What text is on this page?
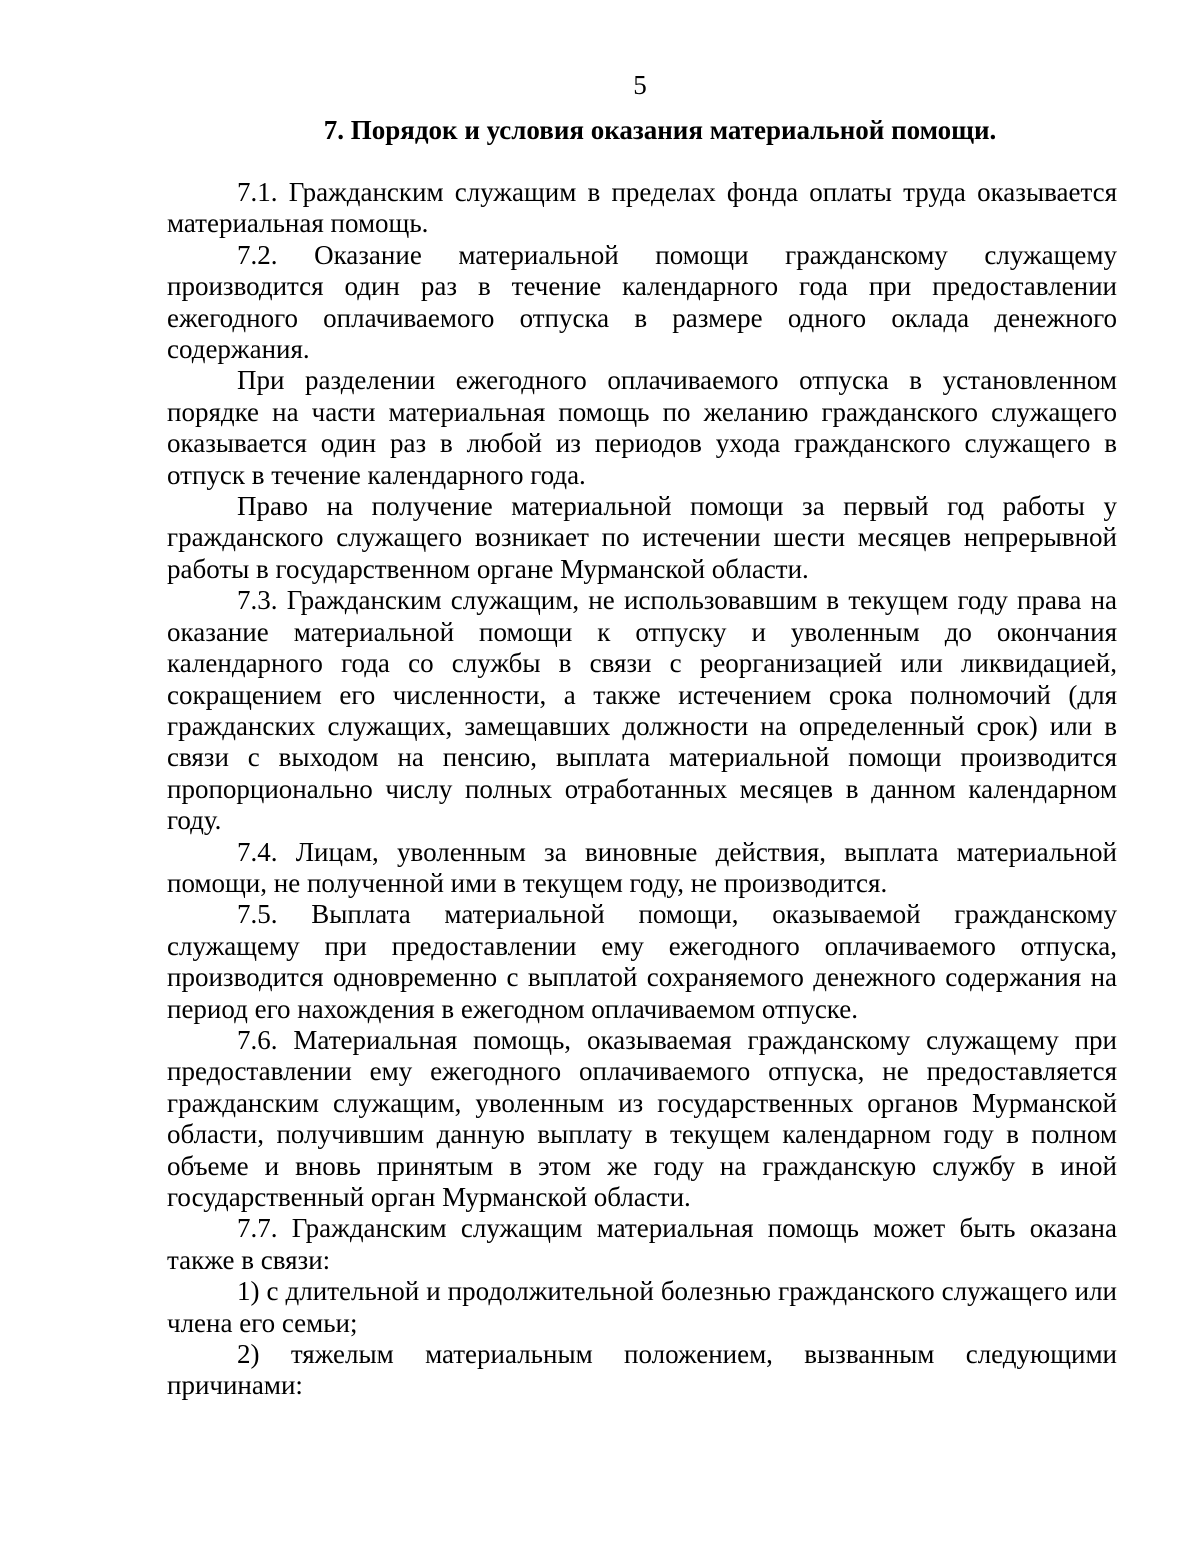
5
7. Порядок и условия оказания материальной помощи.

7.1. Гражданским служащим в пределах фонда оплаты труда оказывается материальная помощь.

7.2. Оказание материальной помощи гражданскому служащему производится один раз в течение календарного года при предоставлении ежегодного оплачиваемого отпуска в размере одного оклада денежного содержания.

При разделении ежегодного оплачиваемого отпуска в установленном порядке на части материальная помощь по желанию гражданского служащего оказывается один раз в любой из периодов ухода гражданского служащего в отпуск в течение календарного года.

Право на получение материальной помощи за первый год работы у гражданского служащего возникает по истечении шести месяцев непрерывной работы в государственном органе Мурманской области.

7.3. Гражданским служащим, не использовавшим в текущем году права на оказание материальной помощи к отпуску и уволенным до окончания календарного года со службы в связи с реорганизацией или ликвидацией, сокращением его численности, а также истечением срока полномочий (для гражданских служащих, замещавших должности на определенный срок) или в связи с выходом на пенсию, выплата материальной помощи производится пропорционально числу полных отработанных месяцев в данном календарном году.

7.4. Лицам, уволенным за виновные действия, выплата материальной помощи, не полученной ими в текущем году, не производится.

7.5. Выплата материальной помощи, оказываемой гражданскому служащему при предоставлении ему ежегодного оплачиваемого отпуска, производится одновременно с выплатой сохраняемого денежного содержания на период его нахождения в ежегодном оплачиваемом отпуске.

7.6. Материальная помощь, оказываемая гражданскому служащему при предоставлении ему ежегодного оплачиваемого отпуска, не предоставляется гражданским служащим, уволенным из государственных органов Мурманской области, получившим данную выплату в текущем календарном году в полном объеме и вновь принятым в этом же году на гражданскую службу в иной государственный орган Мурманской области.

7.7. Гражданским служащим материальная помощь может быть оказана также в связи:

1) с длительной и продолжительной болезнью гражданского служащего или члена его семьи;

2) тяжелым материальным положением, вызванным следующими причинами:
